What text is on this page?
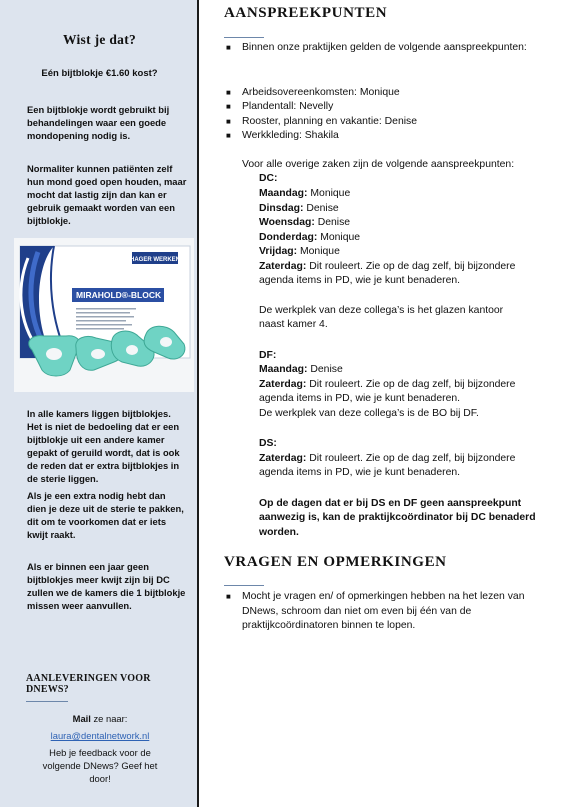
Wist je dat?
Eén bijtblokje €1.60 kost?

Een bijtblokje wordt gebruikt bij behandelingen waar een goede mondopening nodig is.

Normaliter kunnen patiënten zelf hun mond goed open houden, maar mocht dat lastig zijn dan kan er gebruik gemaakt worden van een bijtblokje.

HAGER WERKEN
MIRAHOLD®-BLOCK

In alle kamers liggen bijtblokjes. Het is niet de bedoeling dat er een bijtblokje uit een andere kamer gepakt of geruild wordt, dat is ook de reden dat er extra bijtblokjes in de sterie liggen.

Als je een extra nodig hebt dan dien je deze uit de sterie te pakken, dit om te voorkomen dat er iets kwijt raakt.

Als er binnen een jaar geen bijtblokjes meer kwijt zijn bij DC zullen we de kamers die 1 bijtblokje missen weer aanvullen.

AANLEVERINGEN VOOR
DNEWS?
Mail ze naar:
laura@dentalnetwork.nl
Heb je feedback voor de volgende DNews? Geef het door!
AANSPREEKPUNTEN
■ Binnen onze praktijken gelden de volgende aanspreekpunten:
■ Arbeidsovereenkomsten: Monique
■ Plandentall: Nevelly
■ Rooster, planning en vakantie: Denise
■ Werkkleding: Shakila
Voor alle overige zaken zijn de volgende aanspreekpunten:
DC:
Maandag: Monique
Dinsdag: Denise
Woensdag: Denise
Donderdag: Monique
Vrijdag: Monique
Zaterdag: Dit rouleert. Zie op de dag zelf, bij bijzondere
agenda items in PD, wie je kunt benaderen.
De werkplek van deze collega’s is het glazen kantoor
naast kamer 4.
DF:
Maandag: Denise
Zaterdag: Dit rouleert. Zie op de dag zelf, bij bijzondere
agenda items in PD, wie je kunt benaderen.
De werkplek van deze collega’s is de BO bij DF.
DS:
Zaterdag: Dit rouleert. Zie op de dag zelf, bij bijzondere
agenda items in PD, wie je kunt benaderen.
Op de dagen dat er bij DS en DF geen aanspreekpunt
aanwezig is, kan de praktijkcoördinator bij DC benaderd
worden.
VRAGEN EN OPMERKINGEN
■ Mocht je vragen en/ of opmerkingen hebben na het lezen van DNews, schroom dan niet om even bij één van de praktijkcoördinatoren binnen te lopen.
